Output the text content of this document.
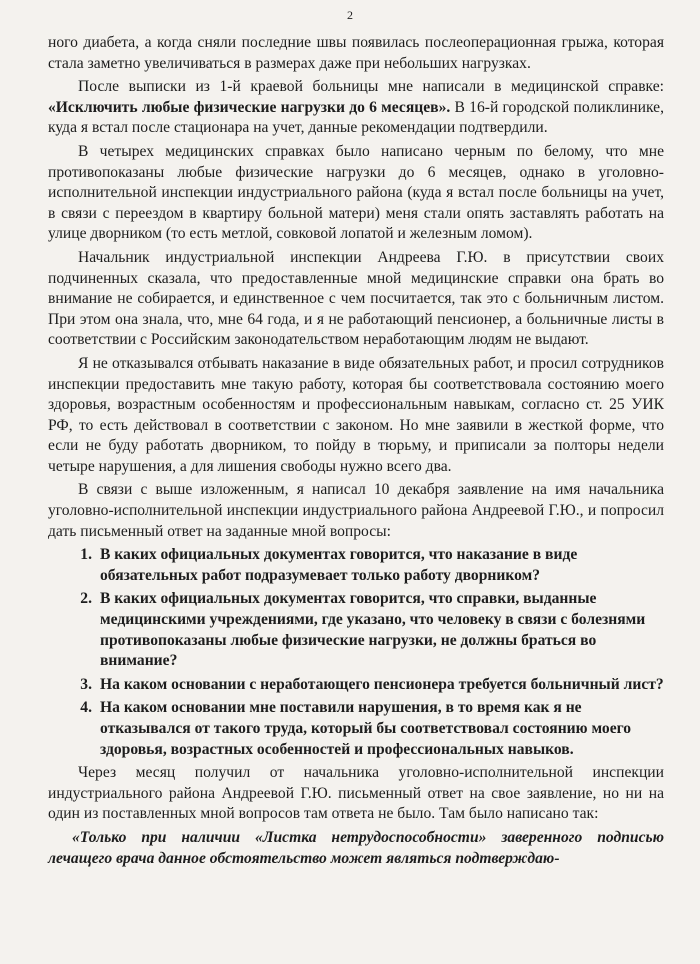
2

ного диабета, а когда сняли последние швы появилась послеоперационная грыжа, которая стала заметно увеличиваться в размерах даже при небольших нагрузках.

После выписки из 1-й краевой больницы мне написали в медицинской справке: «Исключить любые физические нагрузки до 6 месяцев». В 16-й городской поликлинике, куда я встал после стационара на учет, данные рекомендации подтвердили.

В четырех медицинских справках было написано черным по белому, что мне противопоказаны любые физические нагрузки до 6 месяцев, однако в уголовно-исполнительной инспекции индустриального района (куда я встал после больницы на учет, в связи с переездом в квартиру больной матери) меня стали опять заставлять работать на улице дворником (то есть метлой, совковой лопатой и железным ломом).

Начальник индустриальной инспекции Андреева Г.Ю. в присутствии своих подчиненных сказала, что предоставленные мной медицинские справки она брать во внимание не собирается, и единственное с чем посчитается, так это с больничным листом. При этом она знала, что, мне 64 года, и я не работающий пенсионер, а больничные листы в соответствии с Российским законодательством неработающим людям не выдают.

Я не отказывался отбывать наказание в виде обязательных работ, и просил сотрудников инспекции предоставить мне такую работу, которая бы соответствовала состоянию моего здоровья, возрастным особенностям и профессиональным навыкам, согласно ст. 25 УИК РФ, то есть действовал в соответствии с законом. Но мне заявили в жесткой форме, что если не буду работать дворником, то пойду в тюрьму, и приписали за полторы недели четыре нарушения, а для лишения свободы нужно всего два.

В связи с выше изложенным, я написал 10 декабря заявление на имя начальника уголовно-исполнительной инспекции индустриального района Андреевой Г.Ю., и попросил дать письменный ответ на заданные мной вопросы:

1. В каких официальных документах говорится, что наказание в виде обязательных работ подразумевает только работу дворником?
2. В каких официальных документах говорится, что справки, выданные медицинскими учреждениями, где указано, что человеку в связи с болезнями противопоказаны любые физические нагрузки, не должны браться во внимание?
3. На каком основании с неработающего пенсионера требуется больничный лист?
4. На каком основании мне поставили нарушения, в то время как я не отказывался от такого труда, который бы соответствовал состоянию моего здоровья, возрастных особенностей и профессиональных навыков.

Через месяц получил от начальника уголовно-исполнительной инспекции индустриального района Андреевой Г.Ю. письменный ответ на свое заявление, но ни на один из поставленных мной вопросов там ответа не было. Там было написано так:

«Только при наличии «Листка нетрудоспособности» заверенного подписью лечащего врача данное обстоятельство может являться подтверждаю-
